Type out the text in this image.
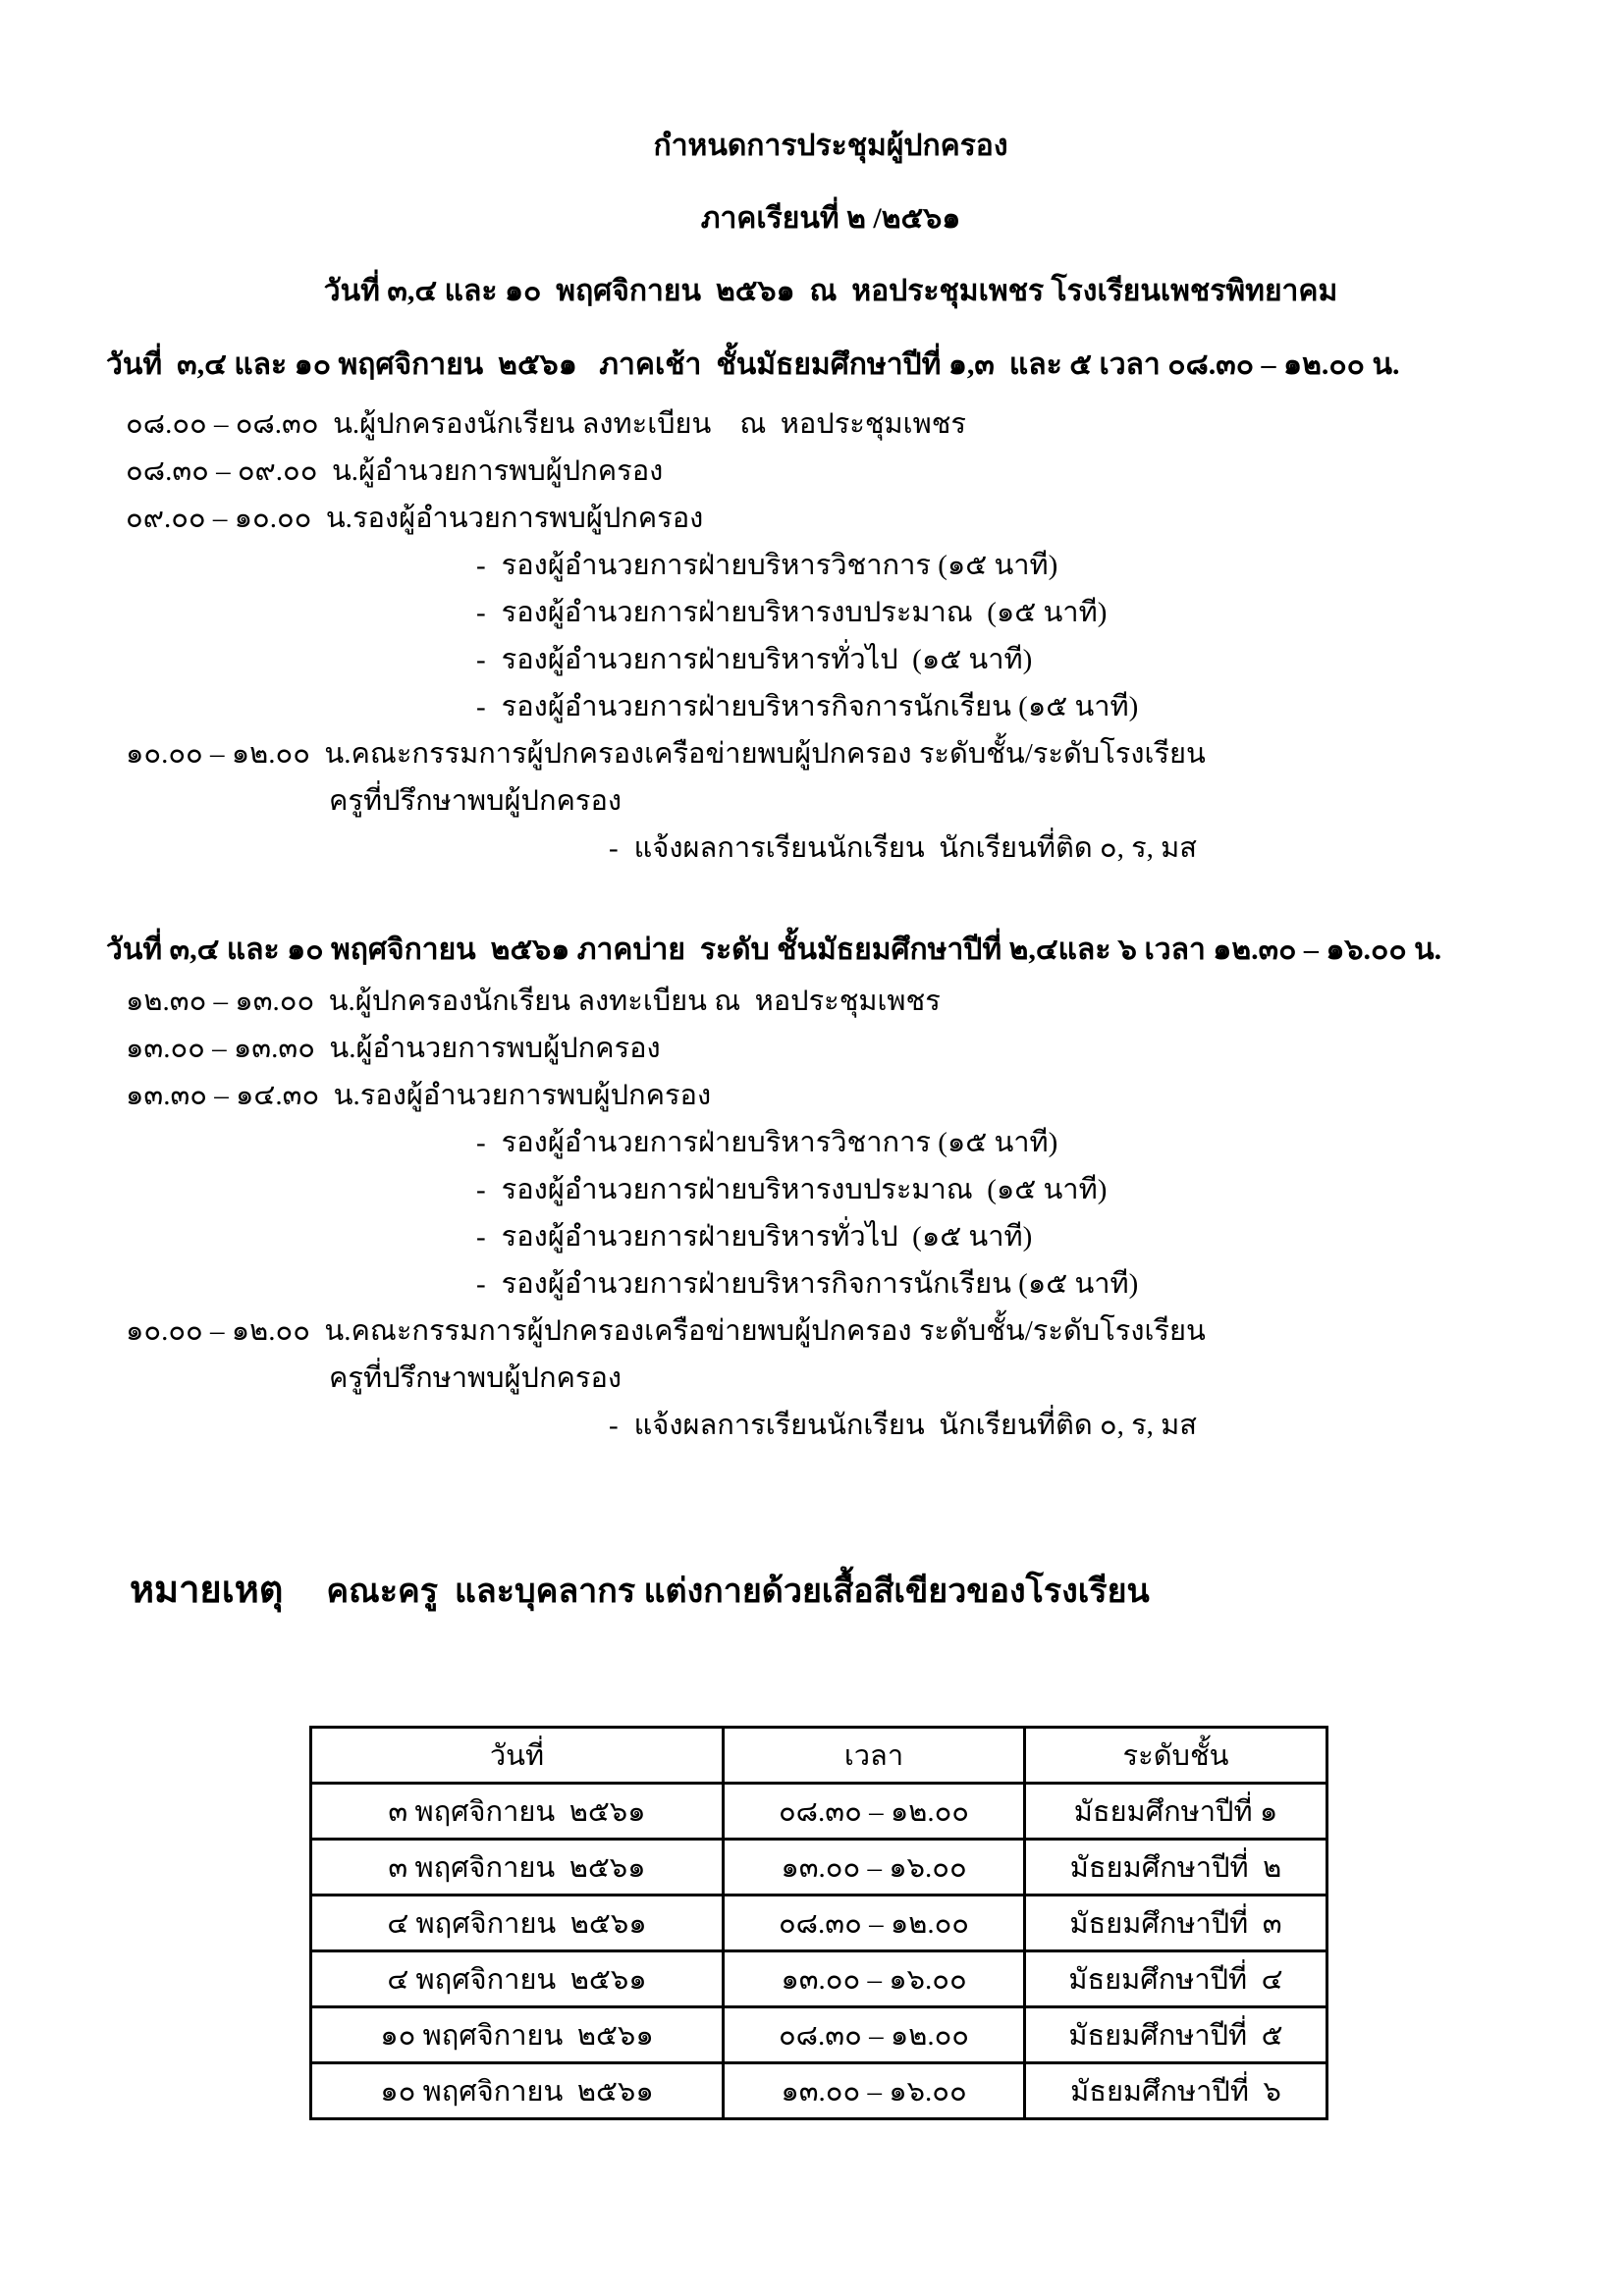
กำหนดการประชุมผู้ปกครอง
ภาคเรียนที่ ๒ /๒๕๖๑
วันที่ ๓,๔ และ ๑๐  พฤศจิกายน  ๒๕๖๑  ณ  หอประชุมเพชร โรงเรียนเพชรพิทยาคม
วันที่  ๓,๔ และ ๑๐ พฤศจิกายน  ๒๕๖๑   ภาคเช้า  ชั้นมัธยมศึกษาปีที่ ๑,๓  และ ๕ เวลา ๐๘.๓๐ – ๑๒.๐๐ น.
๐๘.๐๐ – ๐๘.๓๐  น. ผู้ปกครองนักเรียน ลงทะเบียน    ณ  หอประชุมเพชร
๐๘.๓๐ – ๐๙.๐๐  น. ผู้อำนวยการพบผู้ปกครอง
๐๙.๐๐ – ๑๐.๐๐  น. รองผู้อำนวยการพบผู้ปกครอง
- รองผู้อำนวยการฝ่ายบริหารวิชาการ (๑๕ นาที)
- รองผู้อำนวยการฝ่ายบริหารงบประมาณ  (๑๕ นาที)
- รองผู้อำนวยการฝ่ายบริหารทั่วไป  (๑๕ นาที)
- รองผู้อำนวยการฝ่ายบริหารกิจการนักเรียน (๑๕ นาที)
๑๐.๐๐ – ๑๒.๐๐  น. คณะกรรมการผู้ปกครองเครือข่ายพบผู้ปกครอง ระดับชั้น/ระดับโรงเรียน
ครูที่ปรึกษาพบผู้ปกครอง
- แจ้งผลการเรียนนักเรียน  นักเรียนที่ติด ๐, ร, มส
วันที่ ๓,๔ และ ๑๐ พฤศจิกายน  ๒๕๖๑ ภาคบ่าย  ระดับ ชั้นมัธยมศึกษาปีที่ ๒,๔และ ๖ เวลา ๑๒.๓๐ – ๑๖.๐๐ น.
๑๒.๓๐ – ๑๓.๐๐  น. ผู้ปกครองนักเรียน ลงทะเบียน ณ  หอประชุมเพชร
๑๓.๐๐ – ๑๓.๓๐  น. ผู้อำนวยการพบผู้ปกครอง
๑๓.๓๐ – ๑๔.๓๐  น. รองผู้อำนวยการพบผู้ปกครอง
- รองผู้อำนวยการฝ่ายบริหารวิชาการ (๑๕ นาที)
- รองผู้อำนวยการฝ่ายบริหารงบประมาณ  (๑๕ นาที)
- รองผู้อำนวยการฝ่ายบริหารทั่วไป  (๑๕ นาที)
- รองผู้อำนวยการฝ่ายบริหารกิจการนักเรียน (๑๕ นาที)
๑๐.๐๐ – ๑๒.๐๐  น. คณะกรรมการผู้ปกครองเครือข่ายพบผู้ปกครอง ระดับชั้น/ระดับโรงเรียน
ครูที่ปรึกษาพบผู้ปกครอง
- แจ้งผลการเรียนนักเรียน  นักเรียนที่ติด ๐, ร, มส

หมายเหตุ คณะครู  และบุคลากร แต่งกายด้วยเสื้อสีเขียวของโรงเรียน

วันที่	เวลา	ระดับชั้น
๓ พฤศจิกายน  ๒๕๖๑	๐๘.๓๐ – ๑๒.๐๐	มัธยมศึกษาปีที่ ๑
๓ พฤศจิกายน  ๒๕๖๑	๑๓.๐๐ – ๑๖.๐๐	มัธยมศึกษาปีที่  ๒
๔ พฤศจิกายน  ๒๕๖๑	๐๘.๓๐ – ๑๒.๐๐	มัธยมศึกษาปีที่  ๓
๔ พฤศจิกายน  ๒๕๖๑	๑๓.๐๐ – ๑๖.๐๐	มัธยมศึกษาปีที่  ๔
๑๐ พฤศจิกายน  ๒๕๖๑	๐๘.๓๐ – ๑๒.๐๐	มัธยมศึกษาปีที่  ๕
๑๐ พฤศจิกายน  ๒๕๖๑	๑๓.๐๐ – ๑๖.๐๐	มัธยมศึกษาปีที่  ๖
